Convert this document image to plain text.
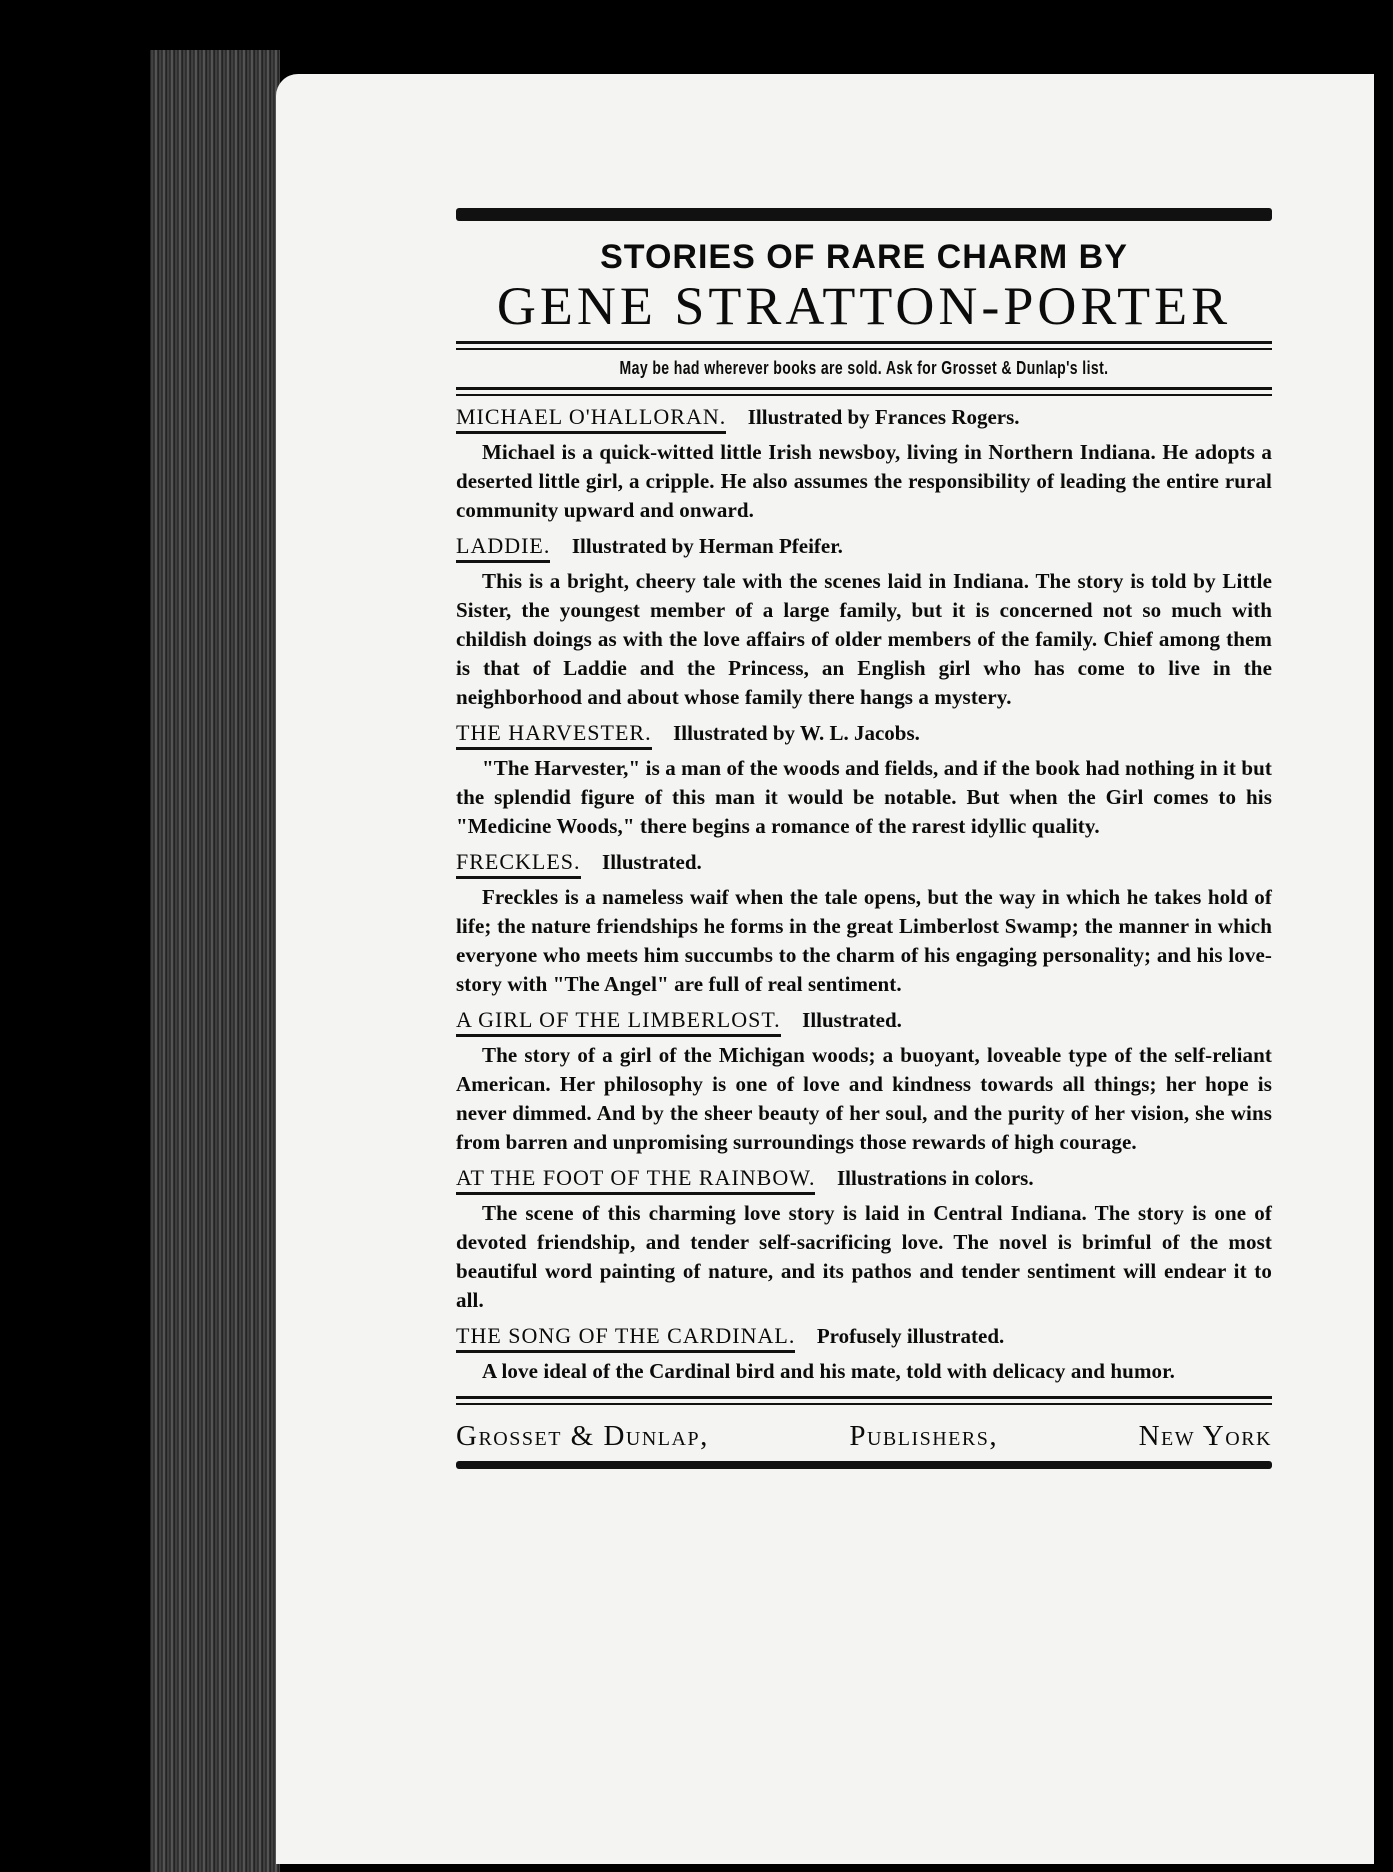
STORIES OF RARE CHARM BY
GENE STRATTON-PORTER
May be had wherever books are sold. Ask for Grosset & Dunlap's list.
MICHAEL O'HALLORAN. Illustrated by Frances Rogers.
Michael is a quick-witted little Irish newsboy, living in Northern Indiana. He adopts a deserted little girl, a cripple. He also assumes the responsibility of leading the entire rural community upward and onward.
LADDIE. Illustrated by Herman Pfeifer.
This is a bright, cheery tale with the scenes laid in Indiana. The story is told by Little Sister, the youngest member of a large family, but it is concerned not so much with childish doings as with the love affairs of older members of the family. Chief among them is that of Laddie and the Princess, an English girl who has come to live in the neighborhood and about whose family there hangs a mystery.
THE HARVESTER. Illustrated by W. L. Jacobs.
"The Harvester," is a man of the woods and fields, and if the book had nothing in it but the splendid figure of this man it would be notable. But when the Girl comes to his "Medicine Woods," there begins a romance of the rarest idyllic quality.
FRECKLES. Illustrated.
Freckles is a nameless waif when the tale opens, but the way in which he takes hold of life; the nature friendships he forms in the great Limberlost Swamp; the manner in which everyone who meets him succumbs to the charm of his engaging personality; and his love-story with "The Angel" are full of real sentiment.
A GIRL OF THE LIMBERLOST. Illustrated.
The story of a girl of the Michigan woods; a buoyant, loveable type of the self-reliant American. Her philosophy is one of love and kindness towards all things; her hope is never dimmed. And by the sheer beauty of her soul, and the purity of her vision, she wins from barren and unpromising surroundings those rewards of high courage.
AT THE FOOT OF THE RAINBOW. Illustrations in colors.
The scene of this charming love story is laid in Central Indiana. The story is one of devoted friendship, and tender self-sacrificing love. The novel is brimful of the most beautiful word painting of nature, and its pathos and tender sentiment will endear it to all.
THE SONG OF THE CARDINAL. Profusely illustrated.
A love ideal of the Cardinal bird and his mate, told with delicacy and humor.
Grosset & Dunlap,	Publishers,	New York
